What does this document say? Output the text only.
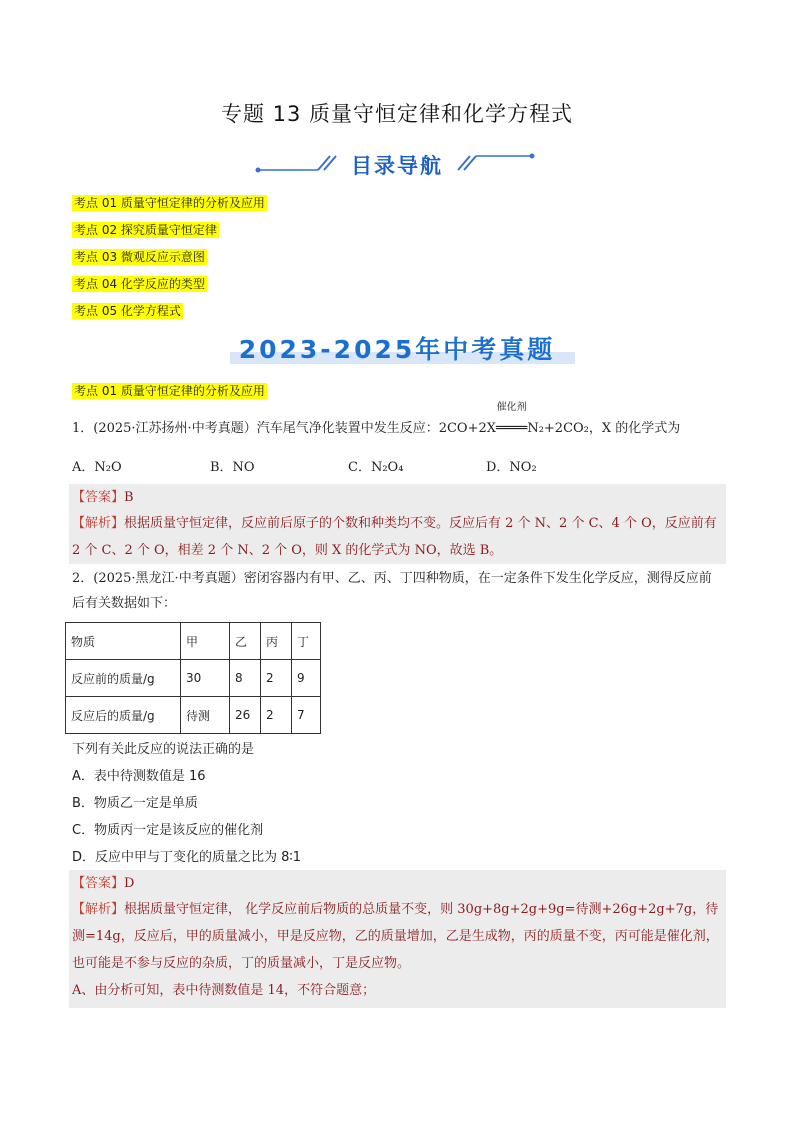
专题 13 质量守恒定律和化学方程式
目录导航
考点 01 质量守恒定律的分析及应用
考点 02 探究质量守恒定律
考点 03 微观反应示意图
考点 04 化学反应的类型
考点 05 化学方程式
2023-2025年中考真题
考点 01 质量守恒定律的分析及应用
1．(2025·江苏扬州·中考真题）汽车尾气净化装置中发生反应：2CO+2X
催化剂
════N₂+2CO₂，X 的化学式为
A．N₂O	B．NO	C．N₂O₄	D．NO₂
【答案】B
【解析】根据质量守恒定律，反应前后原子的个数和种类均不变。反应后有 2 个 N、2 个 C、4 个 O，反应前有 2 个 C、2 个 O，相差 2 个 N、2 个 O，则 X 的化学式为 NO，故选 B。
2．(2025·黑龙江·中考真题）密闭容器内有甲、乙、丙、丁四种物质，在一定条件下发生化学反应，测得反应前后有关数据如下：
物质	甲	乙	丙	丁
反应前的质量/g	30	8	2	9
反应后的质量/g	待测	26	2	7
下列有关此反应的说法正确的是
A．表中待测数值是 16
B．物质乙一定是单质
C．物质丙一定是该反应的催化剂
D．反应中甲与丁变化的质量之比为 8∶1
【答案】D
【解析】根据质量守恒定律， 化学反应前后物质的总质量不变，则 30g+8g+2g+9g=待测+26g+2g+7g，待测=14g，反应后，甲的质量减小，甲是反应物，乙的质量增加，乙是生成物，丙的质量不变，丙可能是催化剂，也可能是不参与反应的杂质，丁的质量减小，丁是反应物。
A、由分析可知，表中待测数值是 14，不符合题意；
